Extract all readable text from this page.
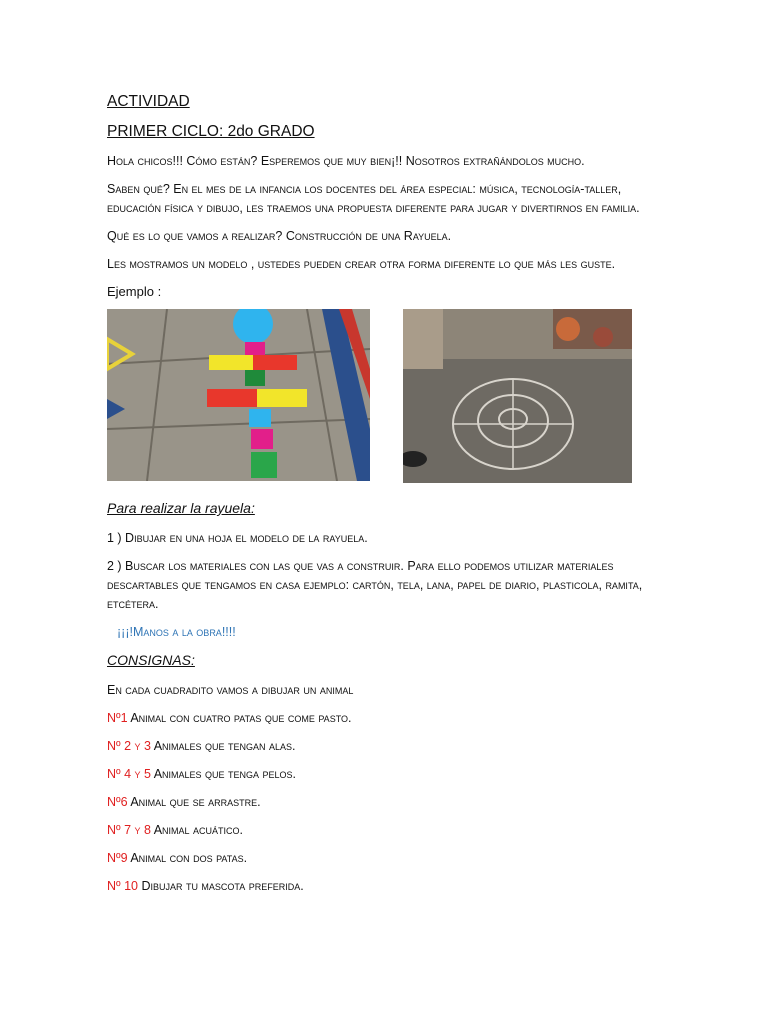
ACTIVIDAD
PRIMER CICLO: 2do GRADO
Hola chicos!!! Cómo están? Esperemos que muy bien¡!! Nosotros extrañándolos mucho.
Saben qué? En el mes de la infancia los docentes del área especial: música, tecnología-taller, educación física y dibujo, les traemos una propuesta diferente para jugar y divertirnos en familia.
Qué es lo que vamos a realizar? Construcción de una Rayuela.
Les mostramos un modelo , ustedes pueden crear otra forma diferente lo que más les guste.
Ejemplo :
Para realizar la rayuela:
1 ) Dibujar en una hoja el modelo de la rayuela.
2 ) Buscar los materiales con las que vas a construir. Para ello podemos utilizar materiales descartables que tengamos en casa ejemplo: cartón, tela, lana, papel de diario, plasticola, ramita, etcétera.
¡¡¡!Manos a la obra!!!!
CONSIGNAS:
En cada cuadradito vamos a dibujar un animal
Nº1 Animal con cuatro patas que come pasto.
Nº 2 y 3 Animales que tengan alas.
Nº 4 y 5 Animales que tenga pelos.
Nº6 Animal que se arrastre.
Nº 7 y 8 Animal acuático.
Nº9 Animal con dos patas.
Nº 10 Dibujar tu mascota preferida.
